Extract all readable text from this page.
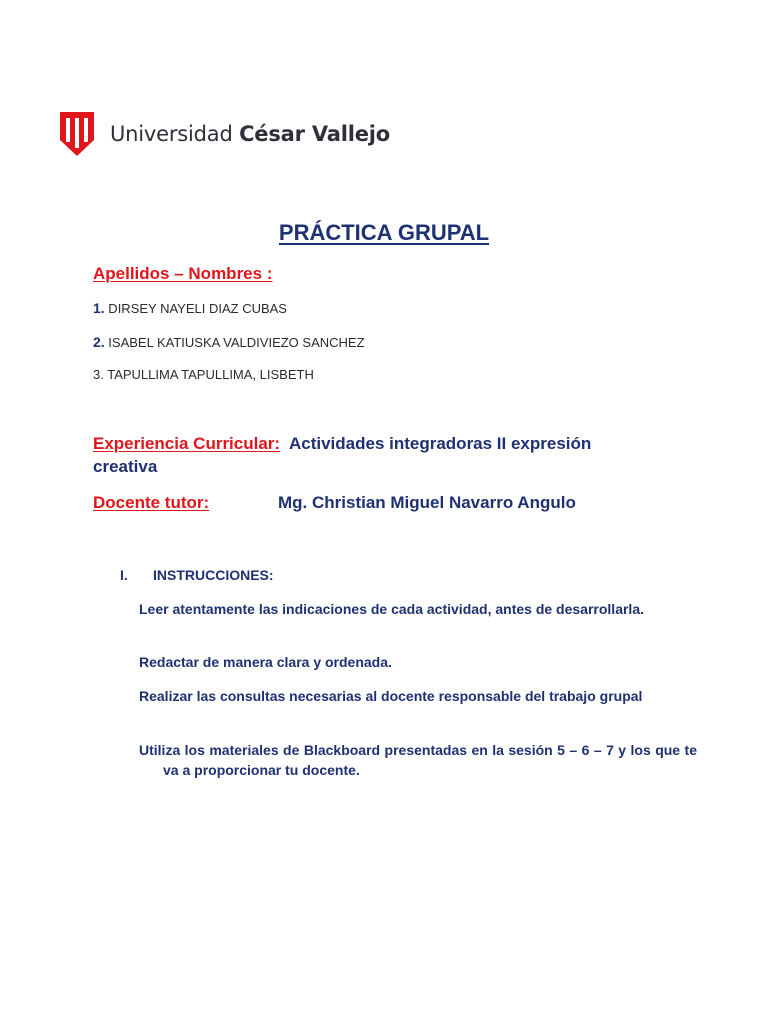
Universidad César Vallejo
PRÁCTICA GRUPAL
Apellidos – Nombres :
1. DIRSEY NAYELI DIAZ CUBAS
2. ISABEL KATIUSKA VALDIVIEZO SANCHEZ
3. TAPULLIMA TAPULLIMA, LISBETH
Experiencia Curricular: Actividades integradoras II expresión creativa
Docente tutor:	Mg. Christian Miguel Navarro Angulo
I. INSTRUCCIONES:
Leer atentamente las indicaciones de cada actividad, antes de desarrollarla.
Redactar de manera clara y ordenada.
Realizar las consultas necesarias al docente responsable del trabajo grupal
Utiliza los materiales de Blackboard presentadas en la sesión 5 – 6 – 7 y los que te va a proporcionar tu docente.
